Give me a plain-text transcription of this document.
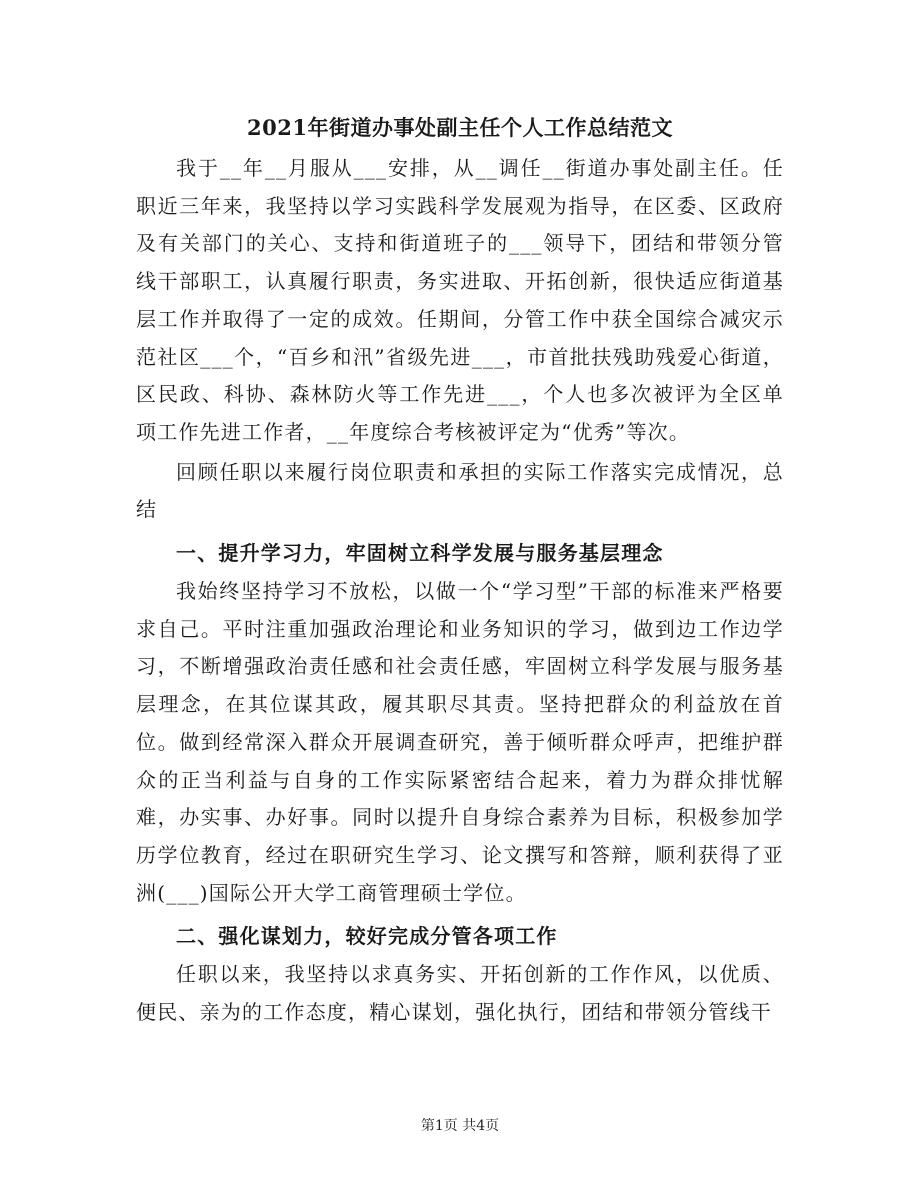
2021年街道办事处副主任个人工作总结范文

我于__年__月服从___安排，从__调任__街道办事处副主任。任职近三年来，我坚持以学习实践科学发展观为指导，在区委、区政府及有关部门的关心、支持和街道班子的___领导下，团结和带领分管线干部职工，认真履行职责，务实进取、开拓创新，很快适应街道基层工作并取得了一定的成效。任期间，分管工作中获全国综合减灾示范社区___个，“百乡和汛”省级先进___，市首批扶残助残爱心街道，区民政、科协、森林防火等工作先进___，个人也多次被评为全区单项工作先进工作者，__年度综合考核被评定为“优秀”等次。

回顾任职以来履行岗位职责和承担的实际工作落实完成情况，总结

一、提升学习力，牢固树立科学发展与服务基层理念

我始终坚持学习不放松，以做一个“学习型”干部的标准来严格要求自己。平时注重加强政治理论和业务知识的学习，做到边工作边学习，不断增强政治责任感和社会责任感，牢固树立科学发展与服务基层理念，在其位谋其政，履其职尽其责。坚持把群众的利益放在首位。做到经常深入群众开展调查研究，善于倾听群众呼声，把维护群众的正当利益与自身的工作实际紧密结合起来，着力为群众排忧解难，办实事、办好事。同时以提升自身综合素养为目标，积极参加学历学位教育，经过在职研究生学习、论文撰写和答辩，顺利获得了亚洲(___)国际公开大学工商管理硕士学位。

二、强化谋划力，较好完成分管各项工作

任职以来，我坚持以求真务实、开拓创新的工作作风，以优质、便民、亲为的工作态度，精心谋划，强化执行，团结和带领分管线干

第1页 共4页
